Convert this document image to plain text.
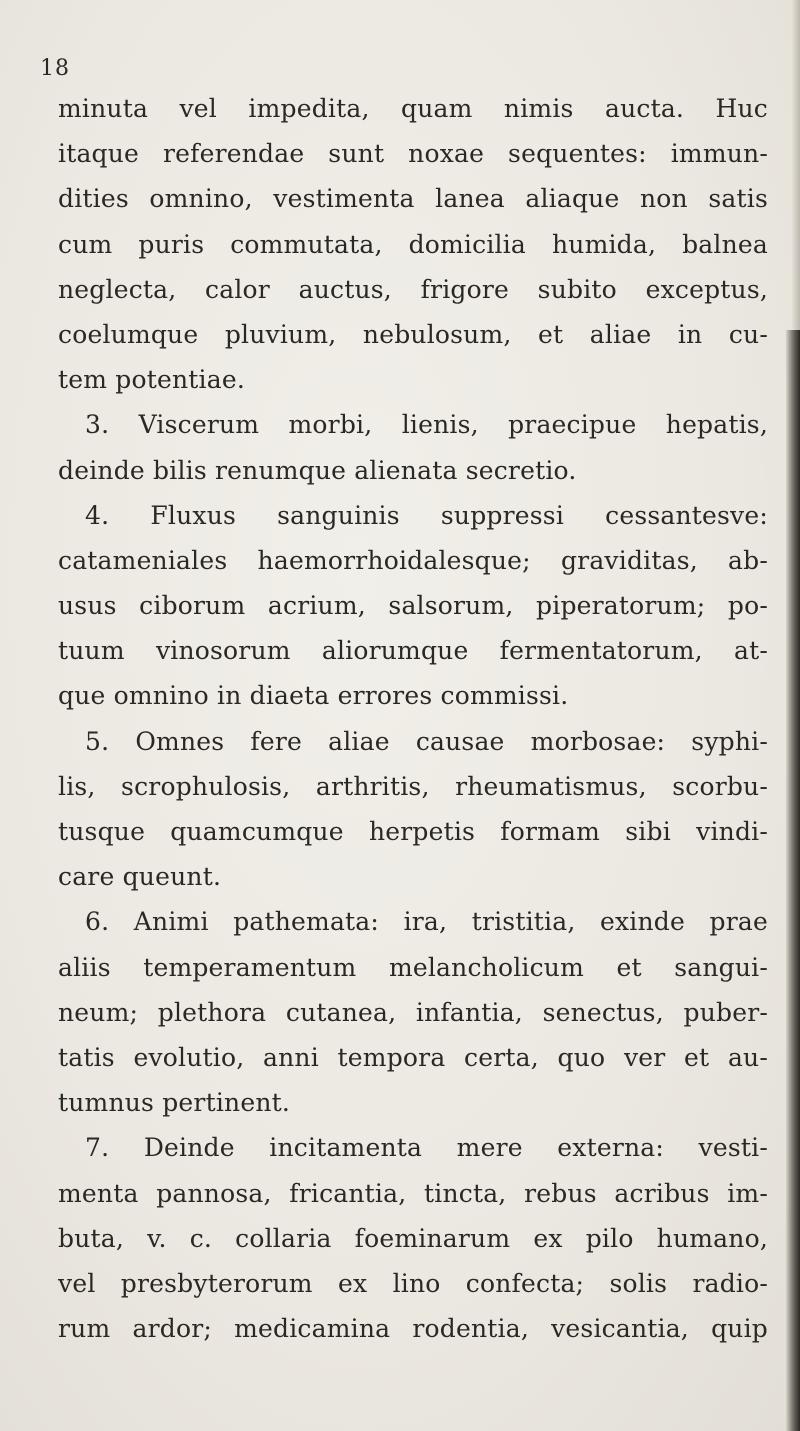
18
minuta vel impedita, quam nimis aucta. Huc
itaque referendae sunt noxae sequentes: immun-
dities omnino, vestimenta lanea aliaque non satis
cum puris commutata, domicilia humida, balnea
neglecta, calor auctus, frigore subito exceptus,
coelumque pluvium, nebulosum, et aliae in cu-
tem potentiae.
3. Viscerum morbi, lienis, praecipue hepatis,
deinde bilis renumque alienata secretio.
4. Fluxus sanguinis suppressi cessantesve:
catameniales haemorrhoidalesque; graviditas, ab-
usus ciborum acrium, salsorum, piperatorum; po-
tuum vinosorum aliorumque fermentatorum, at-
que omnino in diaeta errores commissi.
5. Omnes fere aliae causae morbosae: syphi-
lis, scrophulosis, arthritis, rheumatismus, scorbu-
tusque quamcumque herpetis formam sibi vindi-
care queunt.
6. Animi pathemata: ira, tristitia, exinde prae
aliis temperamentum melancholicum et sangui-
neum; plethora cutanea, infantia, senectus, puber-
tatis evolutio, anni tempora certa, quo ver et au-
tumnus pertinent.
7. Deinde incitamenta mere externa: vesti-
menta pannosa, fricantia, tincta, rebus acribus im-
buta, v. c. collaria foeminarum ex pilo humano,
vel presbyterorum ex lino confecta; solis radio-
rum ardor; medicamina rodentia, vesicantia, quip
